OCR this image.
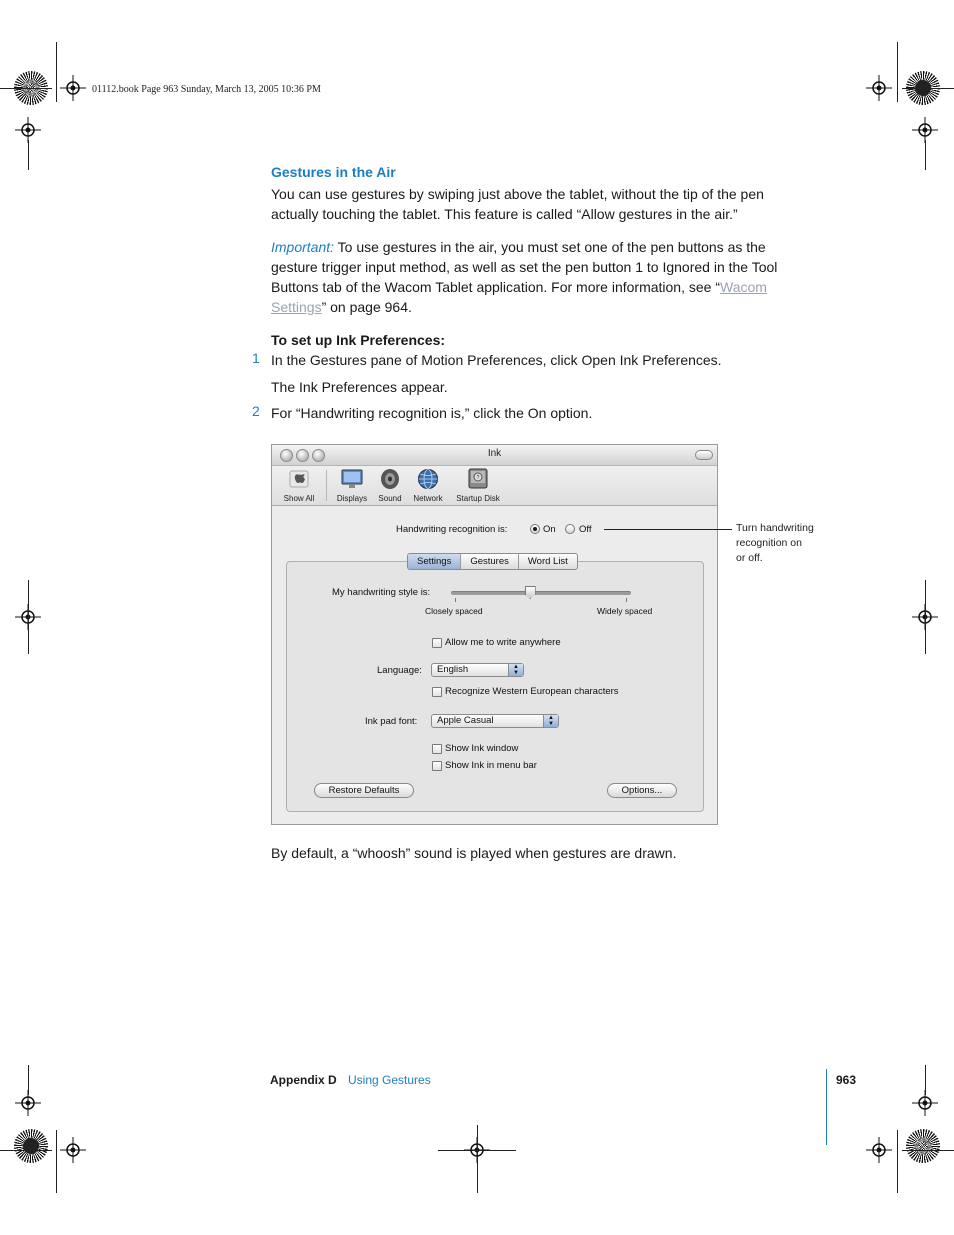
01112.book Page 963 Sunday, March 13, 2005 10:36 PM
Gestures in the Air
You can use gestures by swiping just above the tablet, without the tip of the pen actually touching the tablet. This feature is called “Allow gestures in the air.”
Important: To use gestures in the air, you must set one of the pen buttons as the gesture trigger input method, as well as set the pen button 1 to Ignored in the Tool Buttons tab of the Wacom Tablet application. For more information, see “Wacom Settings” on page 964.
To set up Ink Preferences:
1 In the Gestures pane of Motion Preferences, click Open Ink Preferences.
The Ink Preferences appear.
2 For “Handwriting recognition is,” click the On option.
Ink
Show All	Displays	Sound	Network
?
Startup Disk
Handwriting recognition is:	On Off
Settings	Gestures	Word List
My handwriting style is:
Closely spaced	Widely spaced
Allow me to write anywhere
Language:	English	▲
▼
Recognize Western European characters
Ink pad font:	Apple Casual	▲
▼
Show Ink window
Show Ink in menu bar
Restore Defaults	Options...
Turn handwriting recognition on or off.
By default, a “whoosh” sound is played when gestures are drawn.
Appendix D Using Gestures	963
